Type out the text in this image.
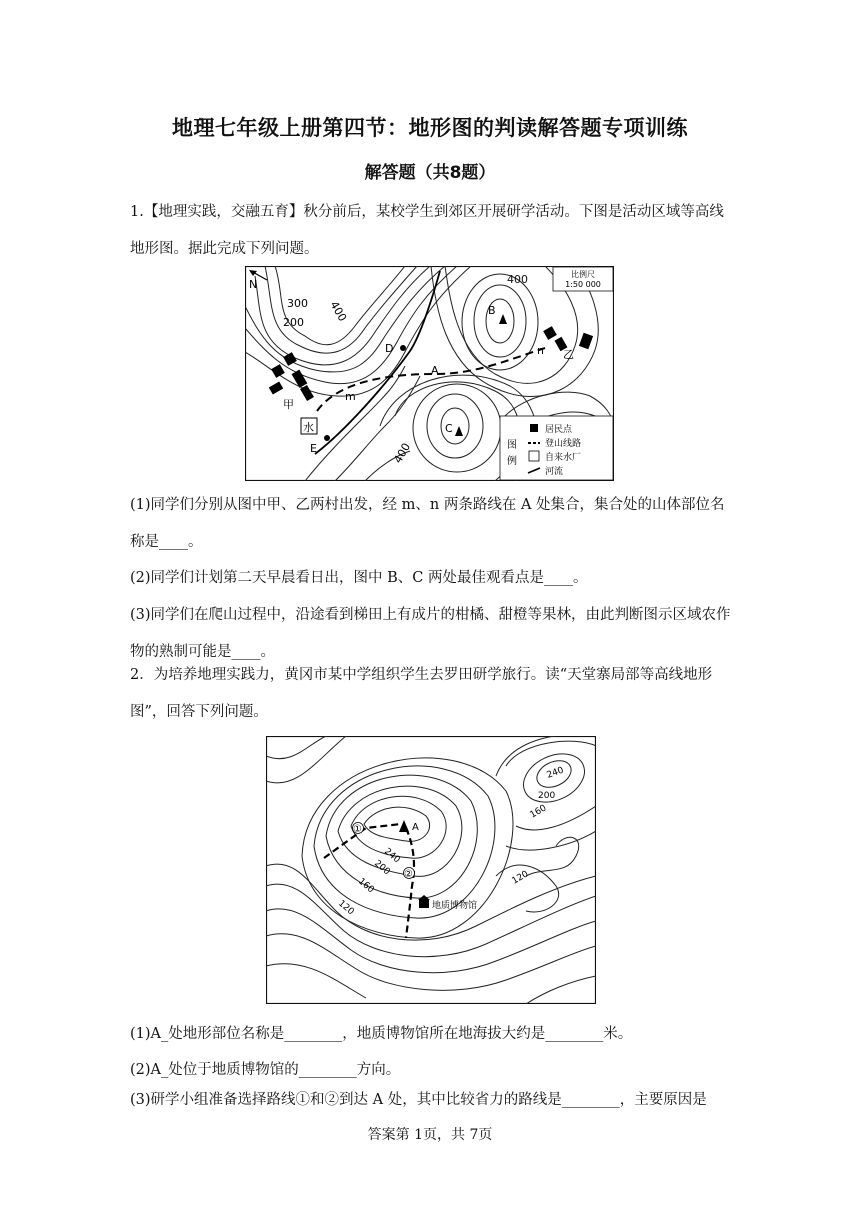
地理七年级上册第四节：地形图的判读解答题专项训练
解答题（共8题）
1.【地理实践，交融五育】秋分前后，某校学生到郊区开展研学活动。下图是活动区域等高线地形图。据此完成下列问题。
N
比例尺
1:50 000
400
300
200 400
400
B
C
D
E
A
m
n
甲
乙
水
图
例
居民点
登山线路
自来水厂
河流
(1)同学们分别从图中甲、乙两村出发，经 m、n 两条路线在 A 处集合，集合处的山体部位名称是____。
(2)同学们计划第二天早晨看日出，图中 B、C 两处最佳观看点是____。
(3)同学们在爬山过程中，沿途看到梯田上有成片的柑橘、甜橙等果林，由此判断图示区域农作物的熟制可能是____。
2．为培养地理实践力，黄冈市某中学组织学生去罗田研学旅行。读“天堂寨局部等高线地形图”，回答下列问题。
A
①
②
地质博物馆
240
200
160
120
240
200
160
120
(1)A_处地形部位名称是________，地质博物馆所在地海拔大约是________米。
(2)A_处位于地质博物馆的________方向。
(3)研学小组准备选择路线①和②到达 A 处，其中比较省力的路线是________，主要原因是
答案第 1页，共 7页
